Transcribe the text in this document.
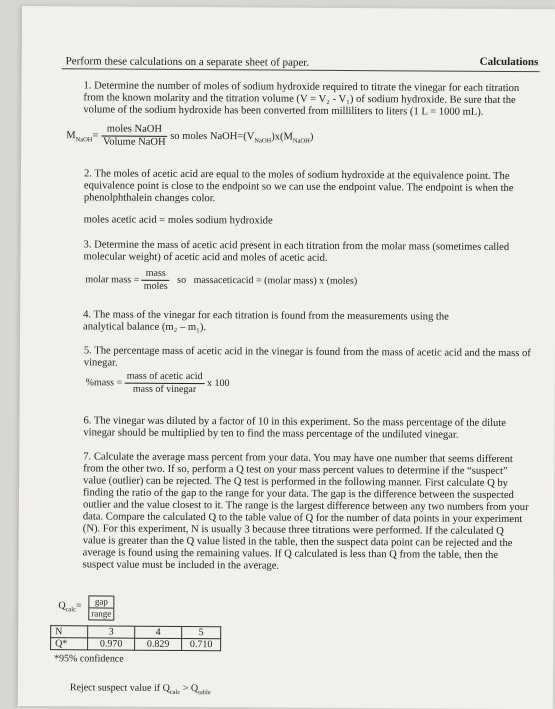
Perform these calculations on a separate sheet of paper.	Calculations
1. Determine the number of moles of sodium hydroxide required to titrate the vinegar for each titration
from the known molarity and the titration volume (V = V₂ - V₁) of sodium hydroxide. Be sure that the
volume of the sodium hydroxide has been converted from milliliters to liters (1 L = 1000 mL).
$M_{NaOH}= \frac{\text{moles NaOH}}{\text{Volume NaOH}}$ so moles $NaOH=(V_{NaOH})x(M_{NaOH})$
2. The moles of acetic acid are equal to the moles of sodium hydroxide at the equivalence point. The
equivalence point is close to the endpoint so we can use the endpoint value. The endpoint is when the
phenolphthalein changes color.
moles acetic acid = moles sodium hydroxide
3. Determine the mass of acetic acid present in each titration from the molar mass (sometimes called
molecular weight) of acetic acid and moles of acetic acid.
molar mass = $\frac{\text{mass}}{\text{moles}}$ so massaceticacid = (molar mass) x (moles)
4. The mass of the vinegar for each titration is found from the measurements using the
analytical balance (m₂ – m₁).
5. The percentage mass of acetic acid in the vinegar is found from the mass of acetic acid and the mass of
vinegar.
%mass = $\frac{\text{mass of acetic acid}}{\text{mass of vinegar}}$ x 100
6. The vinegar was diluted by a factor of 10 in this experiment. So the mass percentage of the dilute
vinegar should be multiplied by ten to find the mass percentage of the undiluted vinegar.
7. Calculate the average mass percent from your data. You may have one number that seems different
from the other two. If so, perform a Q test on your mass percent values to determine if the “suspect”
value (outlier) can be rejected. The Q test is performed in the following manner. First calculate Q by
finding the ratio of the gap to the range for your data. The gap is the difference between the suspected
outlier and the value closest to it. The range is the largest difference between any two numbers from your
data. Compare the calculated Q to the table value of Q for the number of data points in your experiment
(N). For this experiment, N is usually 3 because three titrations were performed. If the calculated Q
value is greater than the Q value listed in the table, then the suspect data point can be rejected and the
average is found using the remaining values. If Q calculated is less than Q from the table, then the
suspect value must be included in the average.
$Q_{calc}=$	gap
range
N	3	4	5
Q*	0.970	0.829	0.710
*95% confidence
Reject suspect value if $Q_{calc} > Q_{table}$
